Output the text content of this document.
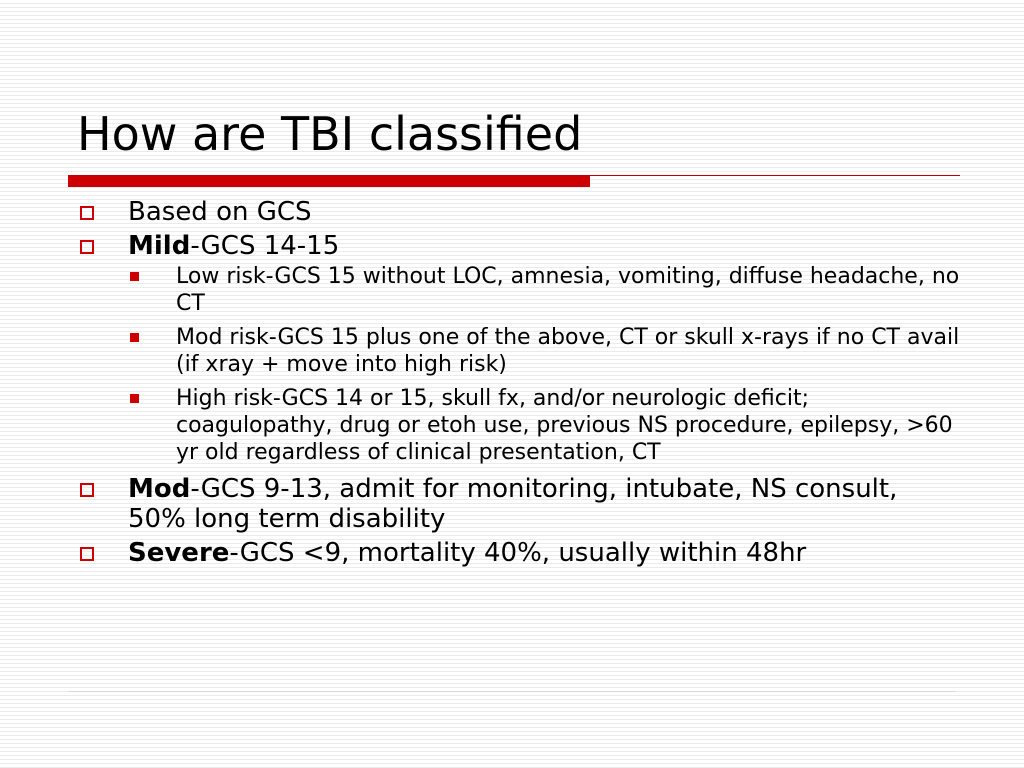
How are TBI classified
Based on GCS
Mild-GCS 14-15
Low risk-GCS 15 without LOC, amnesia, vomiting, diffuse headache, no CT
Mod risk-GCS 15 plus one of the above, CT or skull x-rays if no CT avail (if xray + move into high risk)
High risk-GCS 14 or 15, skull fx, and/or neurologic deficit; coagulopathy, drug or etoh use, previous NS procedure, epilepsy, >60 yr old regardless of clinical presentation, CT
Mod-GCS 9-13, admit for monitoring, intubate, NS consult, 50% long term disability
Severe-GCS <9, mortality 40%, usually within 48hr
